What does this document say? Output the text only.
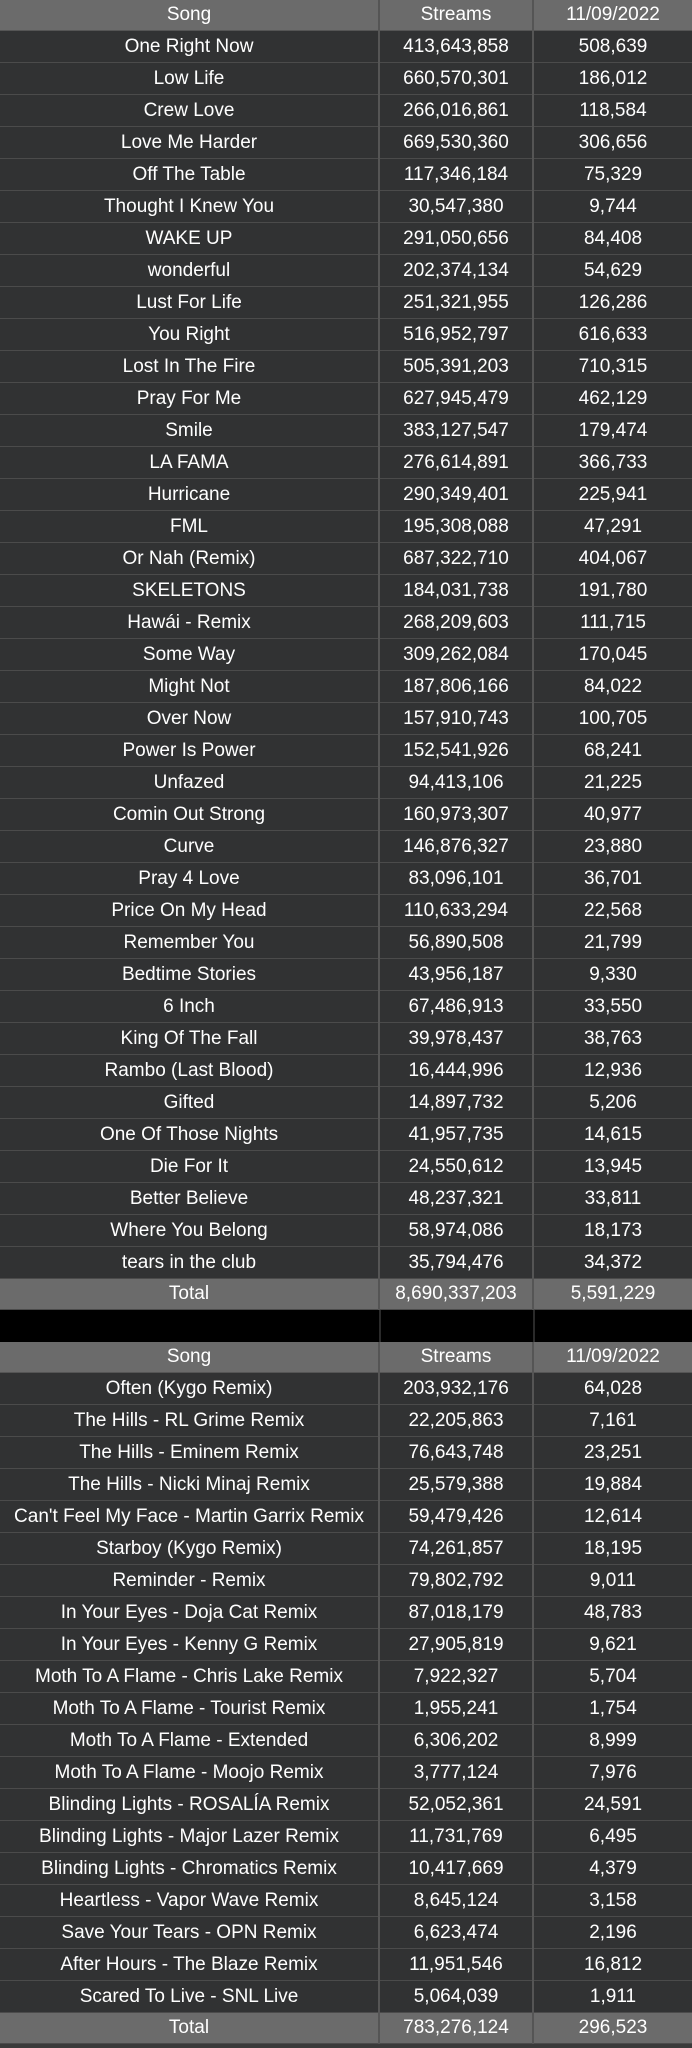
Song	Streams	11/09/2022
One Right Now	413,643,858	508,639
Low Life	660,570,301	186,012
Crew Love	266,016,861	118,584
Love Me Harder	669,530,360	306,656
Off The Table	117,346,184	75,329
Thought I Knew You	30,547,380	9,744
WAKE UP	291,050,656	84,408
wonderful	202,374,134	54,629
Lust For Life	251,321,955	126,286
You Right	516,952,797	616,633
Lost In The Fire	505,391,203	710,315
Pray For Me	627,945,479	462,129
Smile	383,127,547	179,474
LA FAMA	276,614,891	366,733
Hurricane	290,349,401	225,941
FML	195,308,088	47,291
Or Nah (Remix)	687,322,710	404,067
SKELETONS	184,031,738	191,780
Hawái - Remix	268,209,603	111,715
Some Way	309,262,084	170,045
Might Not	187,806,166	84,022
Over Now	157,910,743	100,705
Power Is Power	152,541,926	68,241
Unfazed	94,413,106	21,225
Comin Out Strong	160,973,307	40,977
Curve	146,876,327	23,880
Pray 4 Love	83,096,101	36,701
Price On My Head	110,633,294	22,568
Remember You	56,890,508	21,799
Bedtime Stories	43,956,187	9,330
6 Inch	67,486,913	33,550
King Of The Fall	39,978,437	38,763
Rambo (Last Blood)	16,444,996	12,936
Gifted	14,897,732	5,206
One Of Those Nights	41,957,735	14,615
Die For It	24,550,612	13,945
Better Believe	48,237,321	33,811
Where You Belong	58,974,086	18,173
tears in the club	35,794,476	34,372
Total	8,690,337,203	5,591,229
Song	Streams	11/09/2022
Often (Kygo Remix)	203,932,176	64,028
The Hills - RL Grime Remix	22,205,863	7,161
The Hills - Eminem Remix	76,643,748	23,251
The Hills - Nicki Minaj Remix	25,579,388	19,884
Can't Feel My Face - Martin Garrix Remix	59,479,426	12,614
Starboy (Kygo Remix)	74,261,857	18,195
Reminder - Remix	79,802,792	9,011
In Your Eyes - Doja Cat Remix	87,018,179	48,783
In Your Eyes - Kenny G Remix	27,905,819	9,621
Moth To A Flame - Chris Lake Remix	7,922,327	5,704
Moth To A Flame - Tourist Remix	1,955,241	1,754
Moth To A Flame - Extended	6,306,202	8,999
Moth To A Flame - Moojo Remix	3,777,124	7,976
Blinding Lights - ROSALÍA Remix	52,052,361	24,591
Blinding Lights - Major Lazer Remix	11,731,769	6,495
Blinding Lights - Chromatics Remix	10,417,669	4,379
Heartless - Vapor Wave Remix	8,645,124	3,158
Save Your Tears - OPN Remix	6,623,474	2,196
After Hours - The Blaze Remix	11,951,546	16,812
Scared To Live - SNL Live	5,064,039	1,911
Total	783,276,124	296,523
